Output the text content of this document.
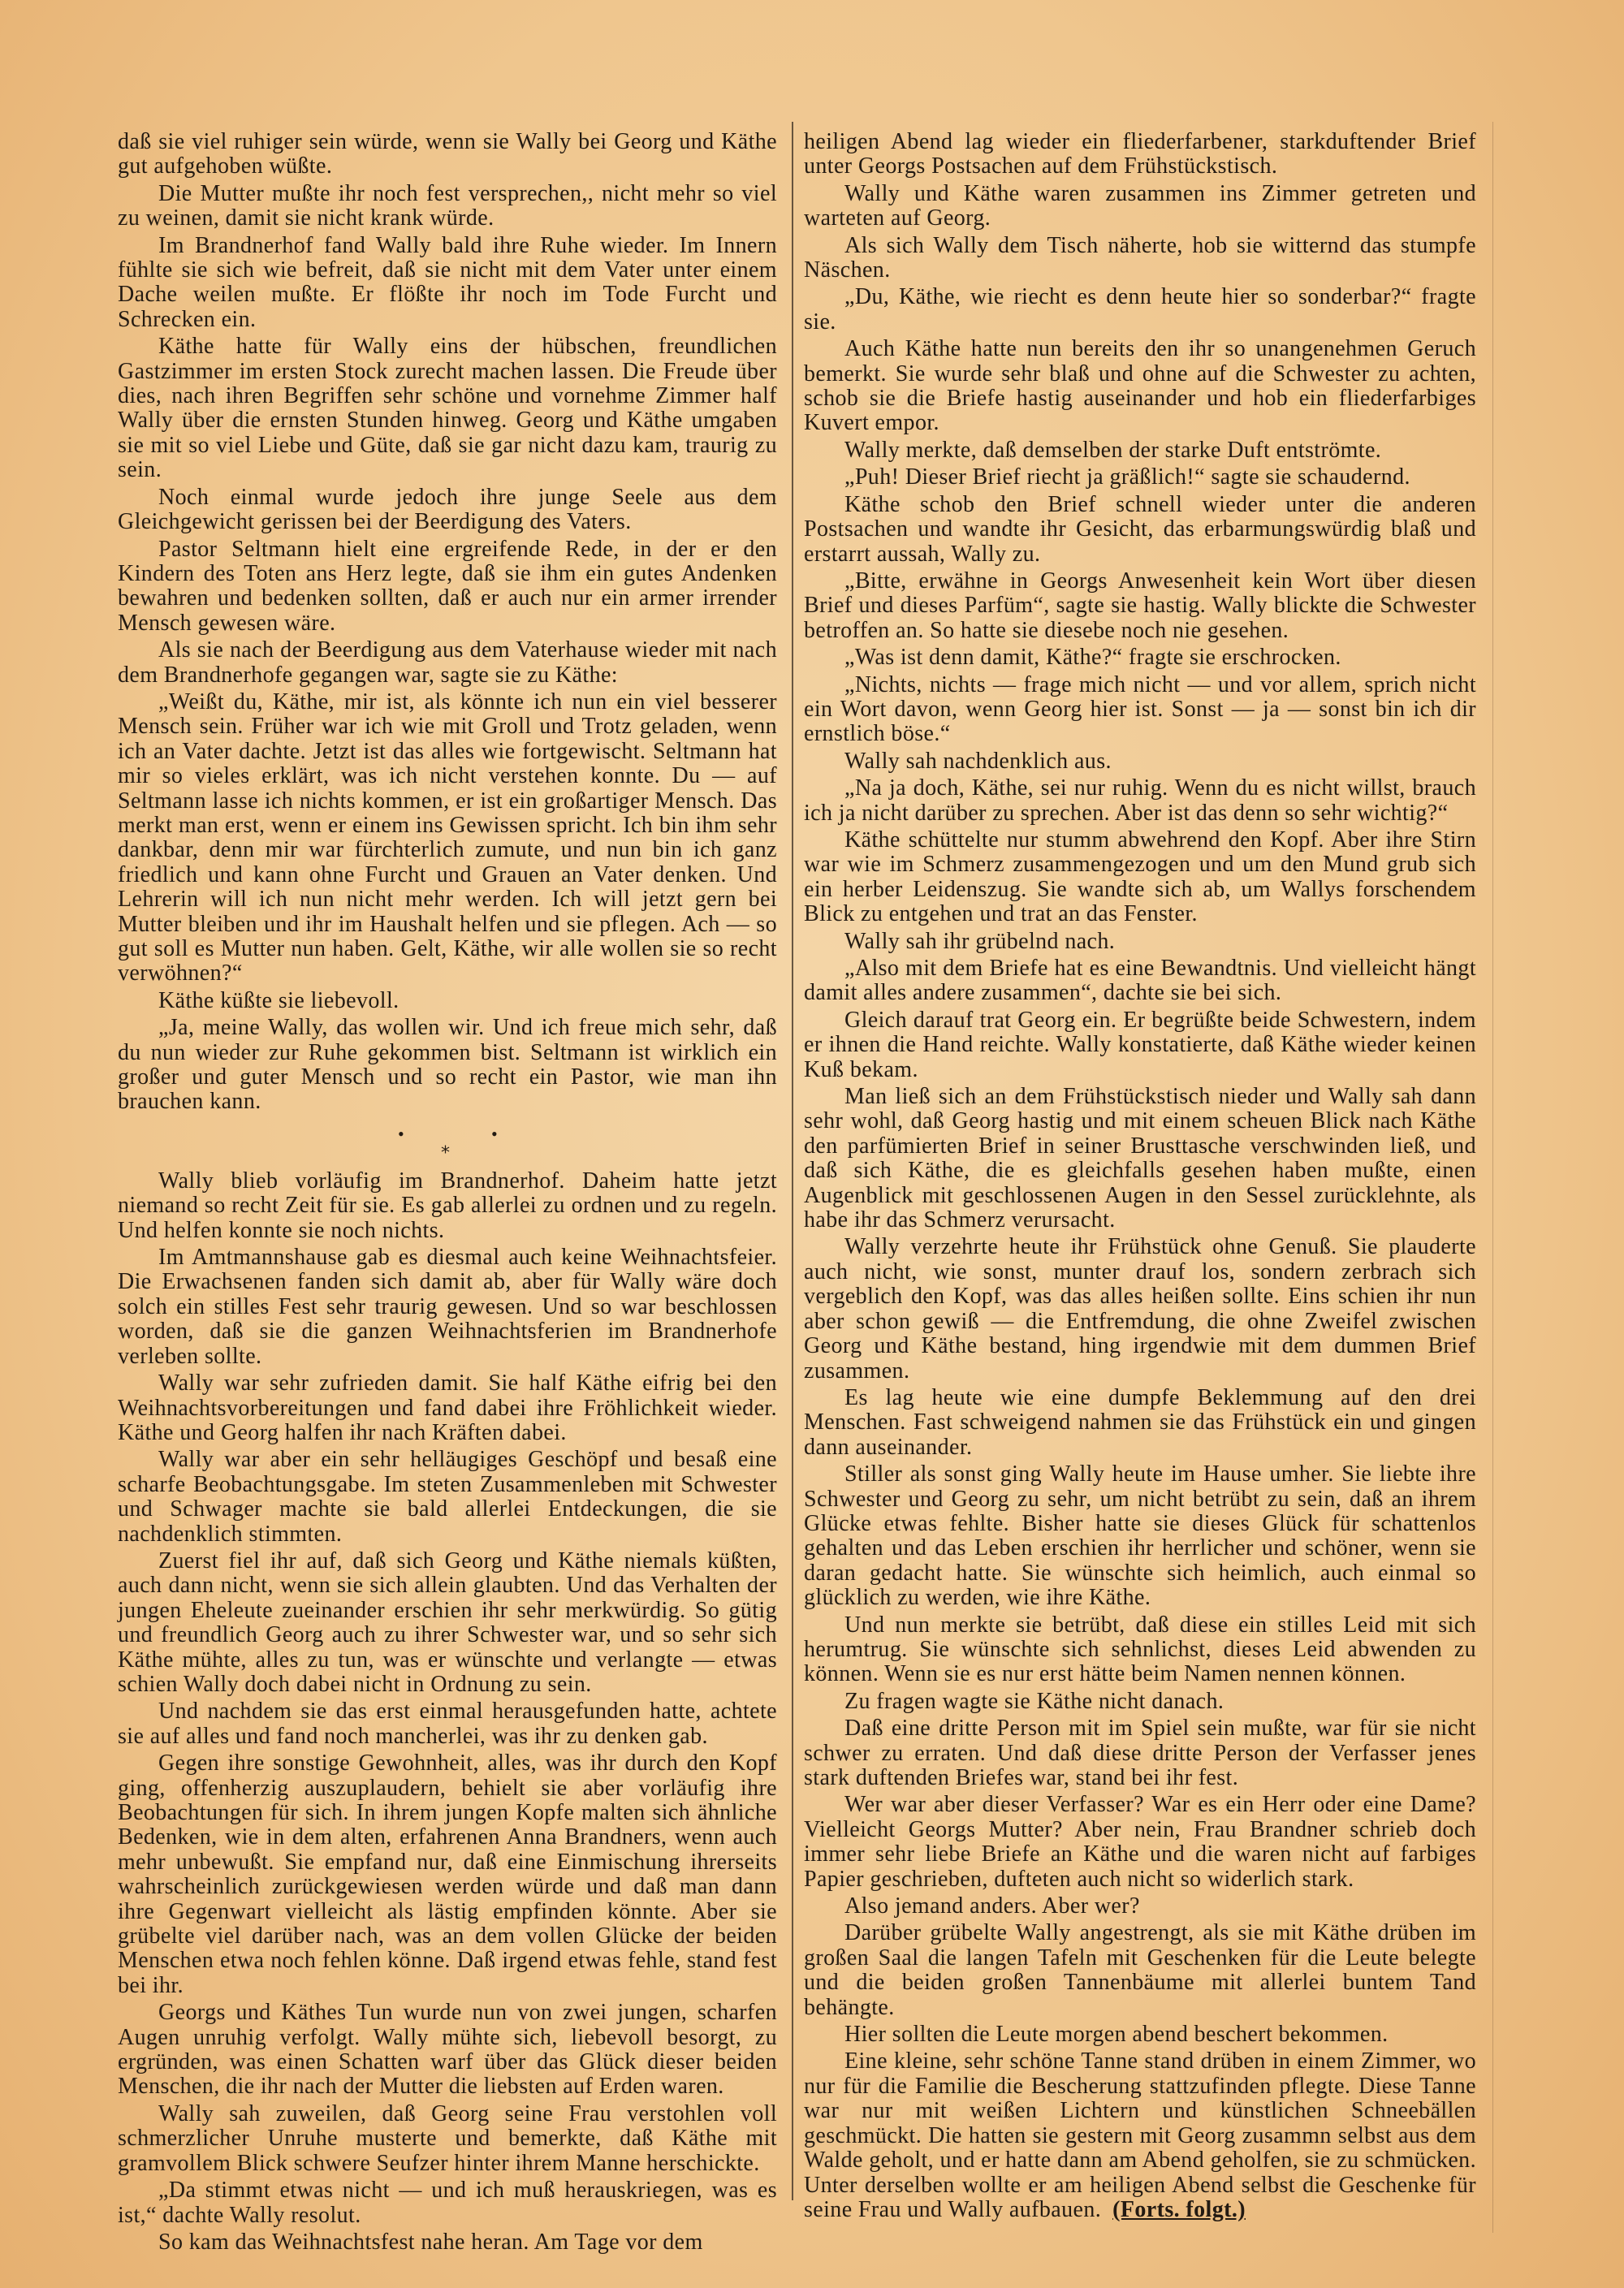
daß sie viel ruhiger sein würde, wenn sie Wally bei Georg und Käthe gut aufgehoben wüßte.

Die Mutter mußte ihr noch fest versprechen,, nicht mehr so viel zu weinen, damit sie nicht krank würde.

Im Brandnerhof fand Wally bald ihre Ruhe wieder. Im Innern fühlte sie sich wie befreit, daß sie nicht mit dem Vater unter einem Dache weilen mußte. Er flößte ihr noch im Tode Furcht und Schrecken ein.

Käthe hatte für Wally eins der hübschen, freundlichen Gastzimmer im ersten Stock zurecht machen lassen. Die Freude über dies, nach ihren Begriffen sehr schöne und vornehme Zimmer half Wally über die ernsten Stunden hinweg. Georg und Käthe umgaben sie mit so viel Liebe und Güte, daß sie gar nicht dazu kam, traurig zu sein.

Noch einmal wurde jedoch ihre junge Seele aus dem Gleichgewicht gerissen bei der Beerdigung des Vaters.

Pastor Seltmann hielt eine ergreifende Rede, in der er den Kindern des Toten ans Herz legte, daß sie ihm ein gutes Andenken bewahren und bedenken sollten, daß er auch nur ein armer irrender Mensch gewesen wäre.

Als sie nach der Beerdigung aus dem Vaterhause wieder mit nach dem Brandnerhofe gegangen war, sagte sie zu Käthe:

„Weißt du, Käthe, mir ist, als könnte ich nun ein viel besserer Mensch sein. Früher war ich wie mit Groll und Trotz geladen, wenn ich an Vater dachte. Jetzt ist das alles wie fortgewischt. Seltmann hat mir so vieles erklärt, was ich nicht verstehen konnte. Du — auf Seltmann lasse ich nichts kommen, er ist ein großartiger Mensch. Das merkt man erst, wenn er einem ins Gewissen spricht. Ich bin ihm sehr dankbar, denn mir war fürchterlich zumute, und nun bin ich ganz friedlich und kann ohne Furcht und Grauen an Vater denken. Und Lehrerin will ich nun nicht mehr werden. Ich will jetzt gern bei Mutter bleiben und ihr im Haushalt helfen und sie pflegen. Ach — so gut soll es Mutter nun haben. Gelt, Käthe, wir alle wollen sie so recht verwöhnen?“

Käthe küßte sie liebevoll.

„Ja, meine Wally, das wollen wir. Und ich freue mich sehr, daß du nun wieder zur Ruhe gekommen bist. Seltmann ist wirklich ein großer und guter Mensch und so recht ein Pastor, wie man ihn brauchen kann.

•
⁎
•

Wally blieb vorläufig im Brandnerhof. Daheim hatte jetzt niemand so recht Zeit für sie. Es gab allerlei zu ordnen und zu regeln. Und helfen konnte sie noch nichts.

Im Amtmannshause gab es diesmal auch keine Weihnachtsfeier. Die Erwachsenen fanden sich damit ab, aber für Wally wäre doch solch ein stilles Fest sehr traurig gewesen. Und so war beschlossen worden, daß sie die ganzen Weihnachtsferien im Brandnerhofe verleben sollte.

Wally war sehr zufrieden damit. Sie half Käthe eifrig bei den Weihnachtsvorbereitungen und fand dabei ihre Fröhlichkeit wieder. Käthe und Georg halfen ihr nach Kräften dabei.

Wally war aber ein sehr helläugiges Geschöpf und besaß eine scharfe Beobachtungsgabe. Im steten Zusammenleben mit Schwester und Schwager machte sie bald allerlei Entdeckungen, die sie nachdenklich stimmten.

Zuerst fiel ihr auf, daß sich Georg und Käthe niemals küßten, auch dann nicht, wenn sie sich allein glaubten. Und das Verhalten der jungen Eheleute zueinander erschien ihr sehr merkwürdig. So gütig und freundlich Georg auch zu ihrer Schwester war, und so sehr sich Käthe mühte, alles zu tun, was er wünschte und verlangte — etwas schien Wally doch dabei nicht in Ordnung zu sein.

Und nachdem sie das erst einmal herausgefunden hatte, achtete sie auf alles und fand noch mancherlei, was ihr zu denken gab.

Gegen ihre sonstige Gewohnheit, alles, was ihr durch den Kopf ging, offenherzig auszuplaudern, behielt sie aber vorläufig ihre Beobachtungen für sich. In ihrem jungen Kopfe malten sich ähnliche Bedenken, wie in dem alten, erfahrenen Anna Brandners, wenn auch mehr unbewußt. Sie empfand nur, daß eine Einmischung ihrerseits wahrscheinlich zurückgewiesen werden würde und daß man dann ihre Gegenwart vielleicht als lästig empfinden könnte. Aber sie grübelte viel darüber nach, was an dem vollen Glücke der beiden Menschen etwa noch fehlen könne. Daß irgend etwas fehle, stand fest bei ihr.

Georgs und Käthes Tun wurde nun von zwei jungen, scharfen Augen unruhig verfolgt. Wally mühte sich, liebevoll besorgt, zu ergründen, was einen Schatten warf über das Glück dieser beiden Menschen, die ihr nach der Mutter die liebsten auf Erden waren.

Wally sah zuweilen, daß Georg seine Frau verstohlen voll schmerzlicher Unruhe musterte und bemerkte, daß Käthe mit gramvollem Blick schwere Seufzer hinter ihrem Manne herschickte.

„Da stimmt etwas nicht — und ich muß herauskriegen, was es ist,“ dachte Wally resolut.

So kam das Weihnachtsfest nahe heran. Am Tage vor dem

heiligen Abend lag wieder ein fliederfarbener, starkduftender Brief unter Georgs Postsachen auf dem Frühstückstisch.

Wally und Käthe waren zusammen ins Zimmer getreten und warteten auf Georg.

Als sich Wally dem Tisch näherte, hob sie witternd das stumpfe Näschen.

„Du, Käthe, wie riecht es denn heute hier so sonderbar?“ fragte sie.

Auch Käthe hatte nun bereits den ihr so unangenehmen Geruch bemerkt. Sie wurde sehr blaß und ohne auf die Schwester zu achten, schob sie die Briefe hastig auseinander und hob ein fliederfarbiges Kuvert empor.

Wally merkte, daß demselben der starke Duft entströmte.

„Puh! Dieser Brief riecht ja gräßlich!“ sagte sie schaudernd.

Käthe schob den Brief schnell wieder unter die anderen Postsachen und wandte ihr Gesicht, das erbarmungswürdig blaß und erstarrt aussah, Wally zu.

„Bitte, erwähne in Georgs Anwesenheit kein Wort über diesen Brief und dieses Parfüm“, sagte sie hastig. Wally blickte die Schwester betroffen an. So hatte sie diesebe noch nie gesehen.

„Was ist denn damit, Käthe?“ fragte sie erschrocken.

„Nichts, nichts — frage mich nicht — und vor allem, sprich nicht ein Wort davon, wenn Georg hier ist. Sonst — ja — sonst bin ich dir ernstlich böse.“

Wally sah nachdenklich aus.

„Na ja doch, Käthe, sei nur ruhig. Wenn du es nicht willst, brauch ich ja nicht darüber zu sprechen. Aber ist das denn so sehr wichtig?“

Käthe schüttelte nur stumm abwehrend den Kopf. Aber ihre Stirn war wie im Schmerz zusammengezogen und um den Mund grub sich ein herber Leidenszug. Sie wandte sich ab, um Wallys forschendem Blick zu entgehen und trat an das Fenster.

Wally sah ihr grübelnd nach.

„Also mit dem Briefe hat es eine Bewandtnis. Und vielleicht hängt damit alles andere zusammen“, dachte sie bei sich.

Gleich darauf trat Georg ein. Er begrüßte beide Schwestern, indem er ihnen die Hand reichte. Wally konstatierte, daß Käthe wieder keinen Kuß bekam.

Man ließ sich an dem Frühstückstisch nieder und Wally sah dann sehr wohl, daß Georg hastig und mit einem scheuen Blick nach Käthe den parfümierten Brief in seiner Brusttasche verschwinden ließ, und daß sich Käthe, die es gleichfalls gesehen haben mußte, einen Augenblick mit geschlossenen Augen in den Sessel zurücklehnte, als habe ihr das Schmerz verursacht.

Wally verzehrte heute ihr Frühstück ohne Genuß. Sie plauderte auch nicht, wie sonst, munter drauf los, sondern zerbrach sich vergeblich den Kopf, was das alles heißen sollte. Eins schien ihr nun aber schon gewiß — die Entfremdung, die ohne Zweifel zwischen Georg und Käthe bestand, hing irgendwie mit dem dummen Brief zusammen.

Es lag heute wie eine dumpfe Beklemmung auf den drei Menschen. Fast schweigend nahmen sie das Frühstück ein und gingen dann auseinander.

Stiller als sonst ging Wally heute im Hause umher. Sie liebte ihre Schwester und Georg zu sehr, um nicht betrübt zu sein, daß an ihrem Glücke etwas fehlte. Bisher hatte sie dieses Glück für schattenlos gehalten und das Leben erschien ihr herrlicher und schöner, wenn sie daran gedacht hatte. Sie wünschte sich heimlich, auch einmal so glücklich zu werden, wie ihre Käthe.

Und nun merkte sie betrübt, daß diese ein stilles Leid mit sich herumtrug. Sie wünschte sich sehnlichst, dieses Leid abwenden zu können. Wenn sie es nur erst hätte beim Namen nennen können.

Zu fragen wagte sie Käthe nicht danach.

Daß eine dritte Person mit im Spiel sein mußte, war für sie nicht schwer zu erraten. Und daß diese dritte Person der Verfasser jenes stark duftenden Briefes war, stand bei ihr fest.

Wer war aber dieser Verfasser? War es ein Herr oder eine Dame? Vielleicht Georgs Mutter? Aber nein, Frau Brandner schrieb doch immer sehr liebe Briefe an Käthe und die waren nicht auf farbiges Papier geschrieben, dufteten auch nicht so widerlich stark.

Also jemand anders. Aber wer?

Darüber grübelte Wally angestrengt, als sie mit Käthe drüben im großen Saal die langen Tafeln mit Geschenken für die Leute belegte und die beiden großen Tannenbäume mit allerlei buntem Tand behängte.

Hier sollten die Leute morgen abend beschert bekommen.

Eine kleine, sehr schöne Tanne stand drüben in einem Zimmer, wo nur für die Familie die Bescherung stattzufinden pflegte. Diese Tanne war nur mit weißen Lichtern und künstlichen Schneebällen geschmückt. Die hatten sie gestern mit Georg zusammn selbst aus dem Walde geholt, und er hatte dann am Abend geholfen, sie zu schmücken. Unter derselben wollte er am heiligen Abend selbst die Geschenke für seine Frau und Wally aufbauen. (Forts. folgt.)
